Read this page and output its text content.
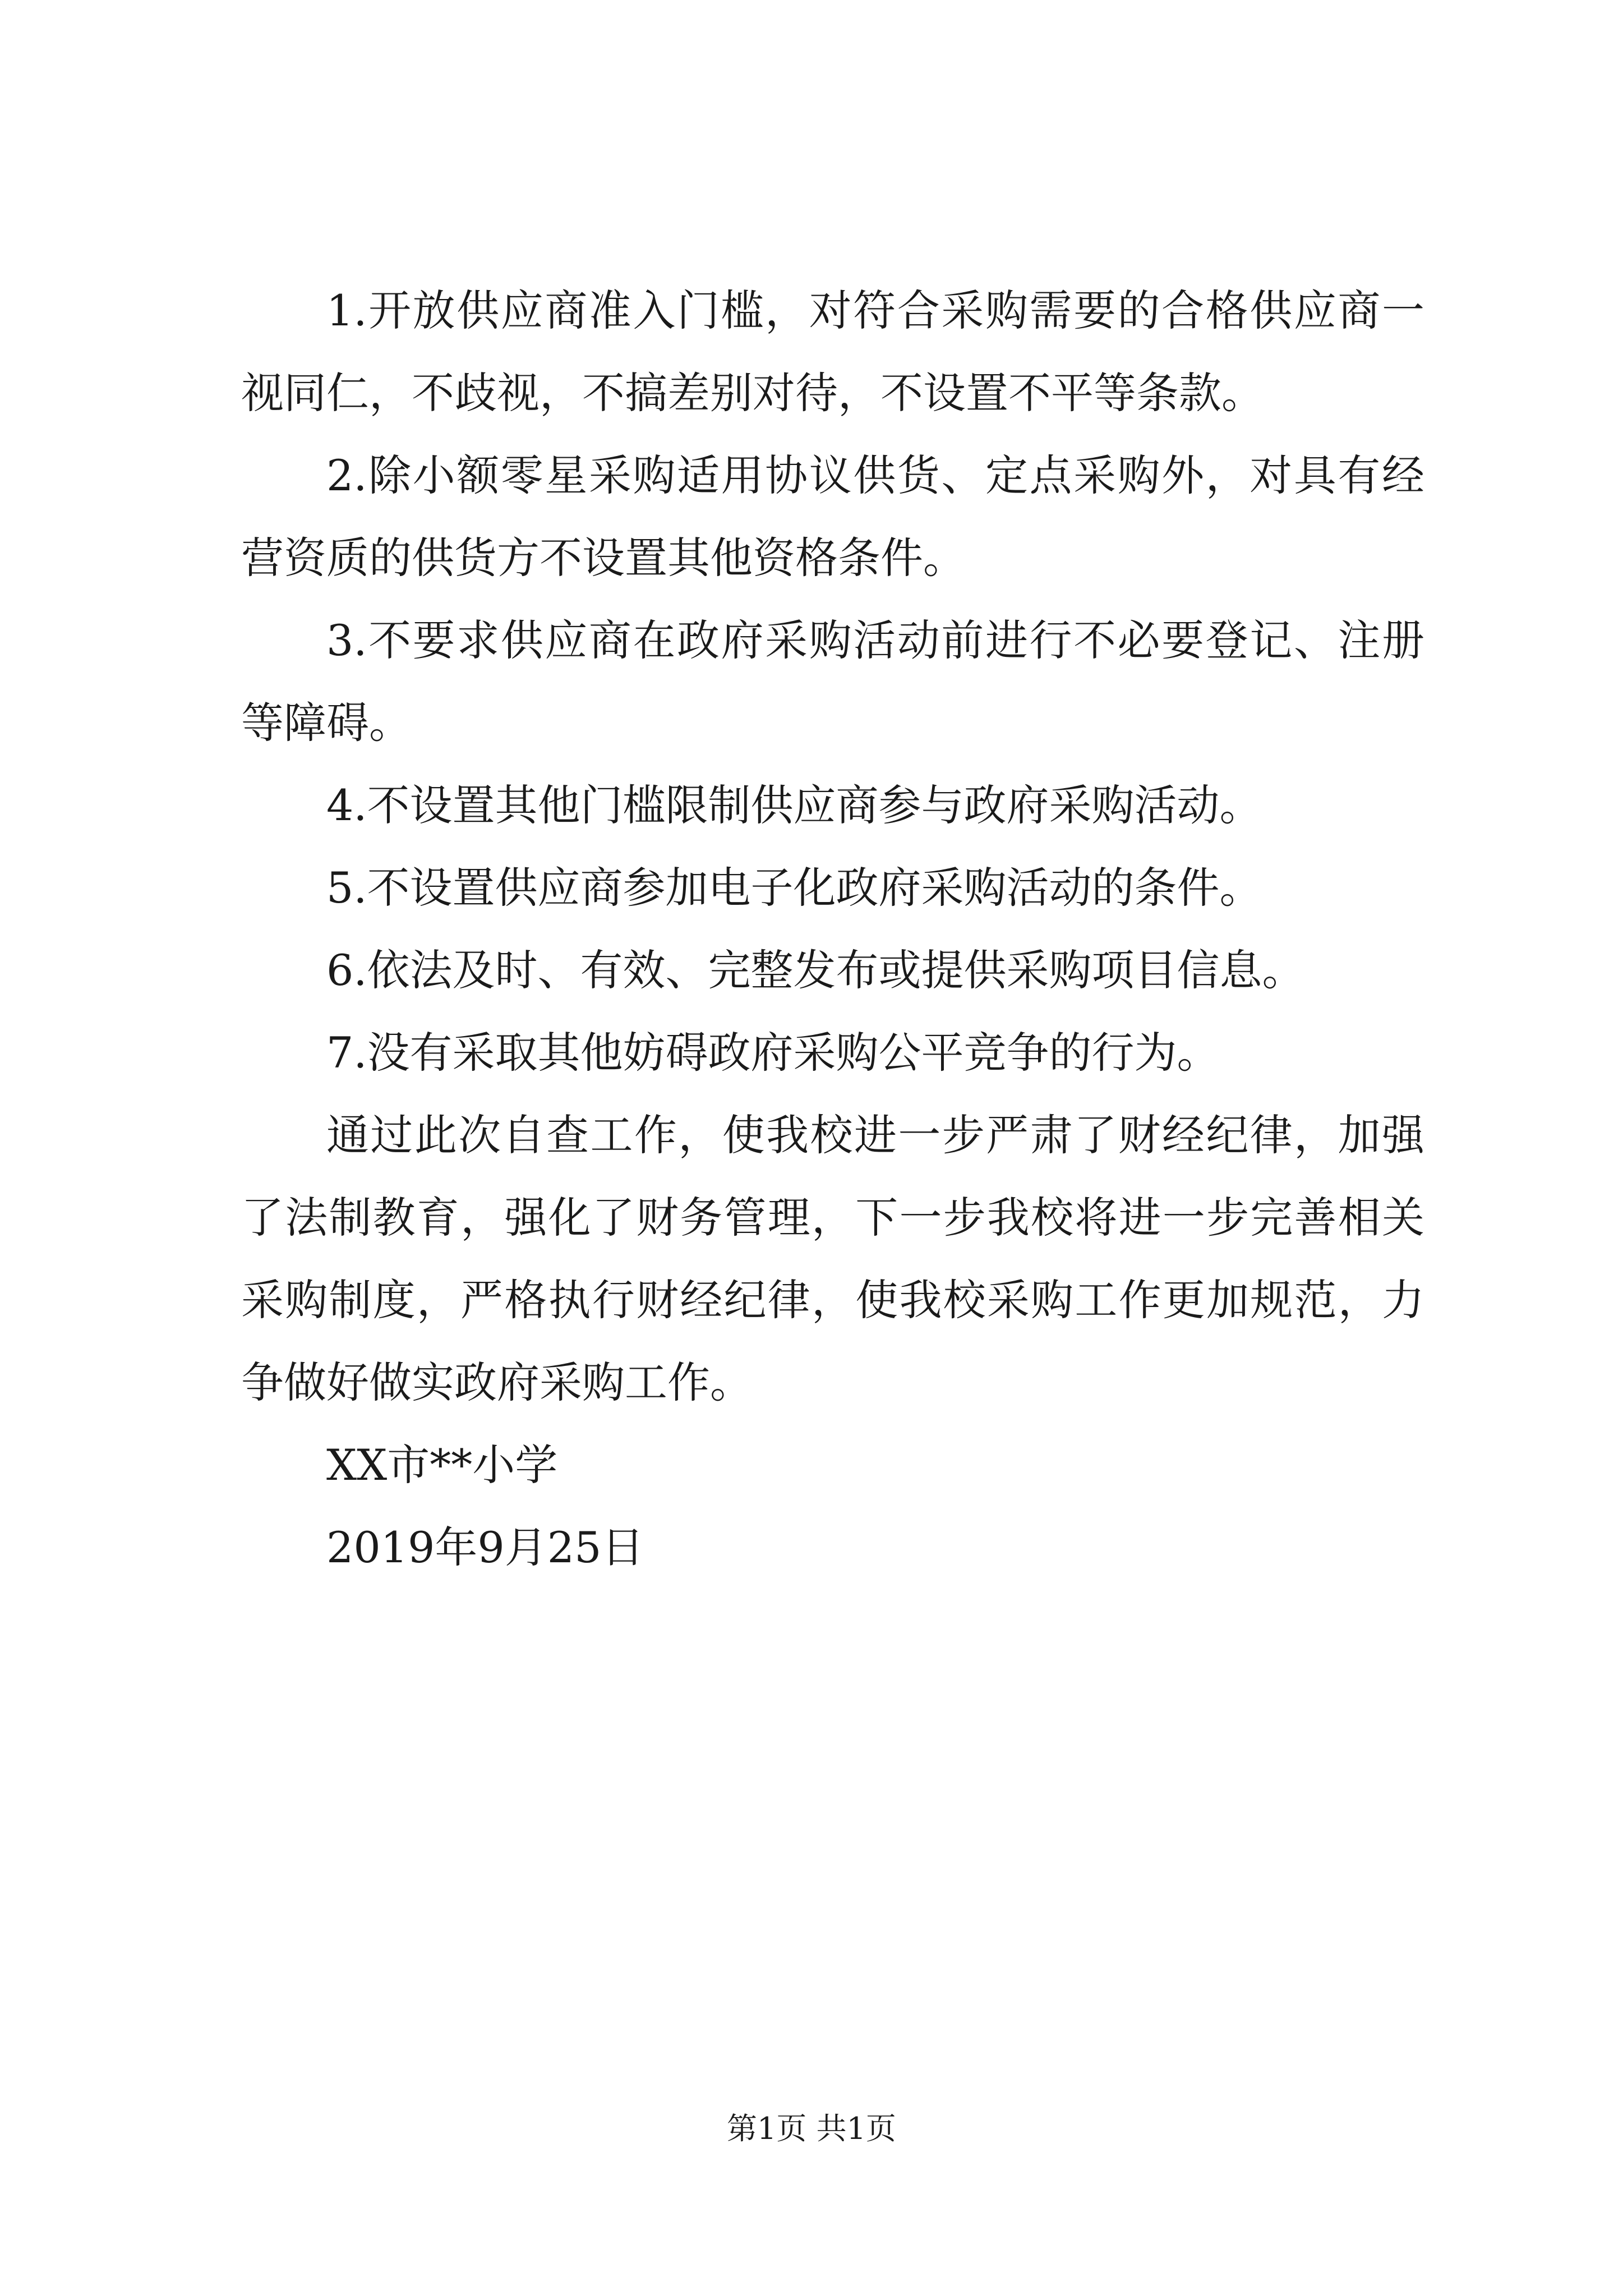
1.开放供应商准入门槛，对符合采购需要的合格供应商一视同仁，不歧视，不搞差别对待，不设置不平等条款。

2.除小额零星采购适用协议供货、定点采购外，对具有经营资质的供货方不设置其他资格条件。

3.不要求供应商在政府采购活动前进行不必要登记、注册等障碍。

4.不设置其他门槛限制供应商参与政府采购活动。

5.不设置供应商参加电子化政府采购活动的条件。

6.依法及时、有效、完整发布或提供采购项目信息。

7.没有采取其他妨碍政府采购公平竞争的行为。

通过此次自查工作，使我校进一步严肃了财经纪律，加强了法制教育，强化了财务管理，下一步我校将进一步完善相关采购制度，严格执行财经纪律，使我校采购工作更加规范，力争做好做实政府采购工作。

XX市**小学

2019年9月25日

第1页 共1页
